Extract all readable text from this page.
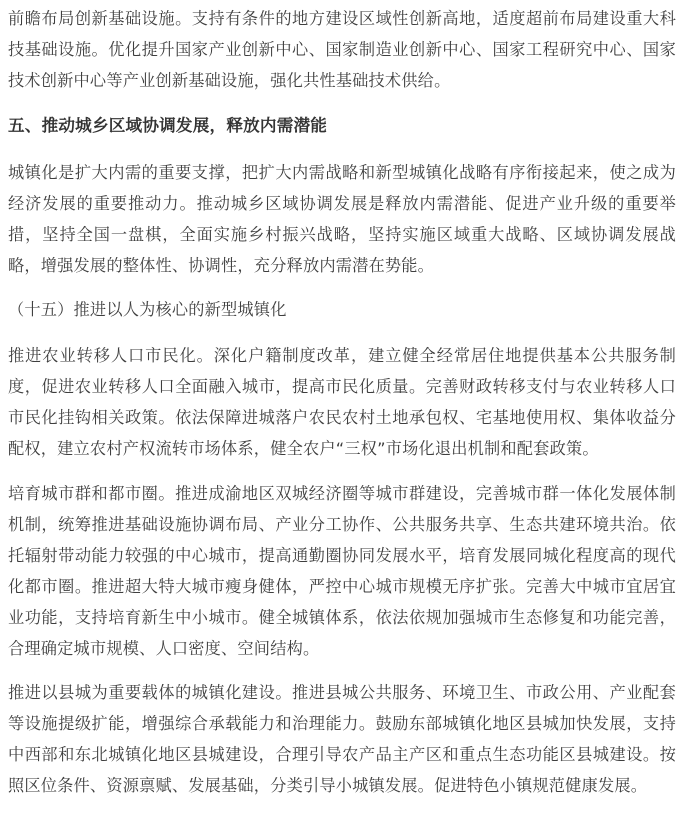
前瞻布局创新基础设施。支持有条件的地方建设区域性创新高地，适度超前布局建设重大科技基础设施。优化提升国家产业创新中心、国家制造业创新中心、国家工程研究中心、国家技术创新中心等产业创新基础设施，强化共性基础技术供给。

五、推动城乡区域协调发展，释放内需潜能

城镇化是扩大内需的重要支撑，把扩大内需战略和新型城镇化战略有序衔接起来，使之成为经济发展的重要推动力。推动城乡区域协调发展是释放内需潜能、促进产业升级的重要举措，坚持全国一盘棋，全面实施乡村振兴战略，坚持实施区域重大战略、区域协调发展战略，增强发展的整体性、协调性，充分释放内需潜在势能。

（十五）推进以人为核心的新型城镇化

推进农业转移人口市民化。深化户籍制度改革，建立健全经常居住地提供基本公共服务制度，促进农业转移人口全面融入城市，提高市民化质量。完善财政转移支付与农业转移人口市民化挂钩相关政策。依法保障进城落户农民农村土地承包权、宅基地使用权、集体收益分配权，建立农村产权流转市场体系，健全农户“三权”市场化退出机制和配套政策。

培育城市群和都市圈。推进成渝地区双城经济圈等城市群建设，完善城市群一体化发展体制机制，统筹推进基础设施协调布局、产业分工协作、公共服务共享、生态共建环境共治。依托辐射带动能力较强的中心城市，提高通勤圈协同发展水平，培育发展同城化程度高的现代化都市圈。推进超大特大城市瘦身健体，严控中心城市规模无序扩张。完善大中城市宜居宜业功能，支持培育新生中小城市。健全城镇体系，依法依规加强城市生态修复和功能完善，合理确定城市规模、人口密度、空间结构。

推进以县城为重要载体的城镇化建设。推进县城公共服务、环境卫生、市政公用、产业配套等设施提级扩能，增强综合承载能力和治理能力。鼓励东部城镇化地区县城加快发展，支持中西部和东北城镇化地区县城建设，合理引导农产品主产区和重点生态功能区县城建设。按照区位条件、资源禀赋、发展基础，分类引导小城镇发展。促进特色小镇规范健康发展。
